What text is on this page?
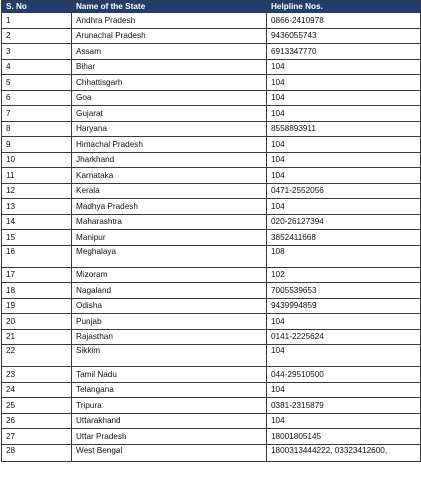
S. No	Name of the State	Helpline Nos.
1	Andhra Pradesh	0866-2410978
2	Arunachal Pradesh	9436055743
3	Assam	6913347770
4	Bihar	104
5	Chhattisgarh	104
6	Goa	104
7	Gujarat	104
8	Haryana	8558893911
9	Himachal Pradesh	104
10	Jharkhand	104
11	Karnataka	104
12	Kerala	0471-2552056
13	Madhya Pradesh	104
14	Maharashtra	020-26127394
15	Manipur	3852411668
16	Meghalaya	108
17	Mizoram	102
18	Nagaland	7005539653
19	Odisha	9439994859
20	Punjab	104
21	Rajasthan	0141-2225624
22	Sikkim	104
23	Tamil Nadu	044-29510500
24	Telangana	104
25	Tripura	0381-2315879
26	Uttarakhand	104
27	Uttar Pradesh	18001805145
28	West Bengal	1800313444222, 03323412600,
